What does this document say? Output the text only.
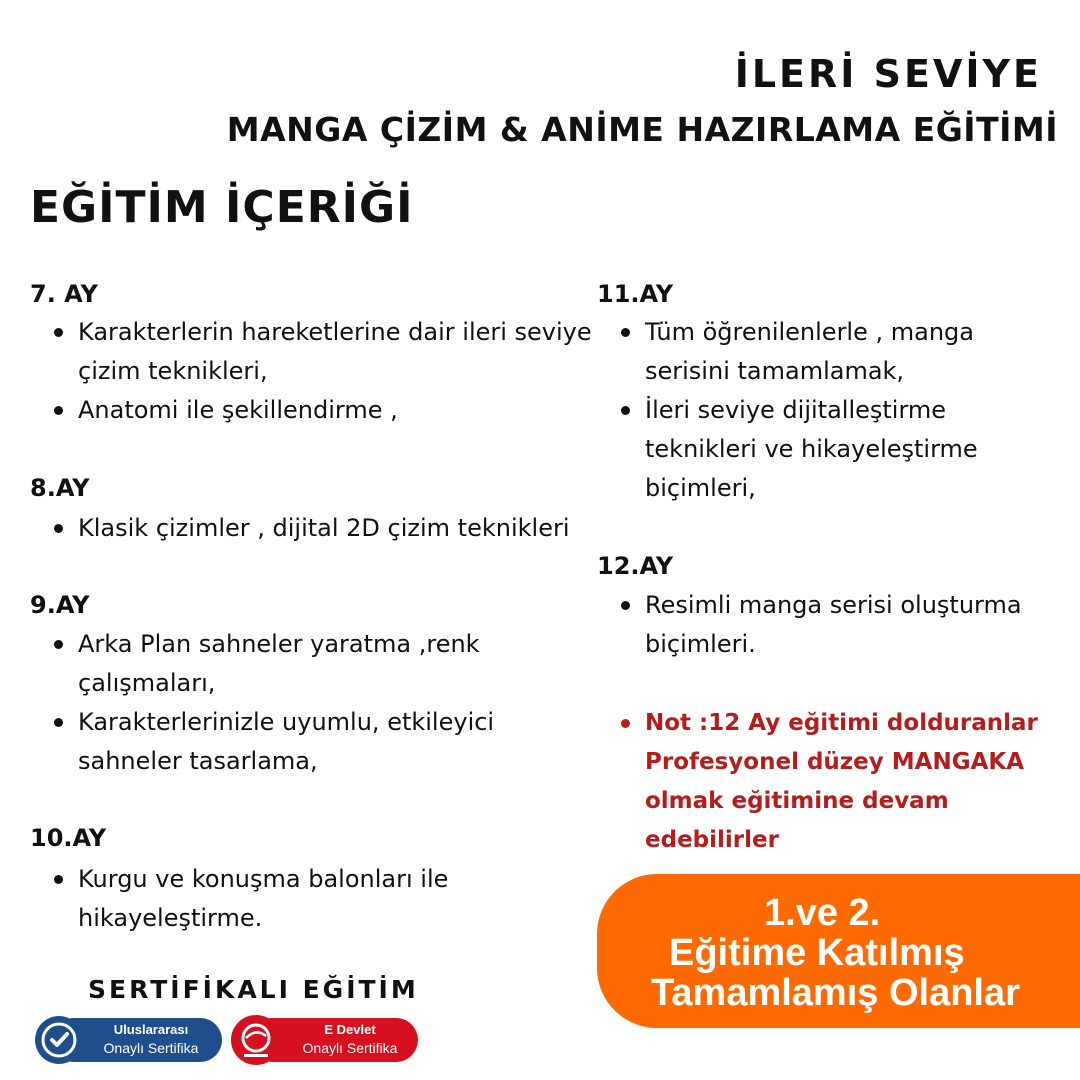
İLERİ SEVİYE
MANGA ÇİZİM & ANİME HAZIRLAMA EĞİTİMİ
EĞİTİM İÇERİĞİ
7. AY
Karakterlerin hareketlerine dair ileri seviye çizim teknikleri,
Anatomi ile şekillendirme ,
8.AY
Klasik çizimler , dijital 2D çizim teknikleri
9.AY
Arka Plan sahneler yaratma ,renk çalışmaları,
Karakterlerinizle uyumlu, etkileyici sahneler tasarlama,
10.AY
Kurgu ve konuşma balonları ile hikayeleştirme.
11.AY
Tüm öğrenilenlerle , manga serisini tamamlamak,
İleri seviye dijitalleştirme teknikleri ve hikayeleştirme biçimleri,
12.AY
Resimli manga serisi oluşturma biçimleri.
Not :12 Ay eğitimi dolduranlar Profesyonel düzey MANGAKA olmak eğitimine devam edebilirler
1.ve 2.
Eğitime Katılmış
Tamamlamış Olanlar
SERTİFİKALI EĞİTİM
Uluslararası
Onaylı Sertifika
E Devlet
Onaylı Sertifika
